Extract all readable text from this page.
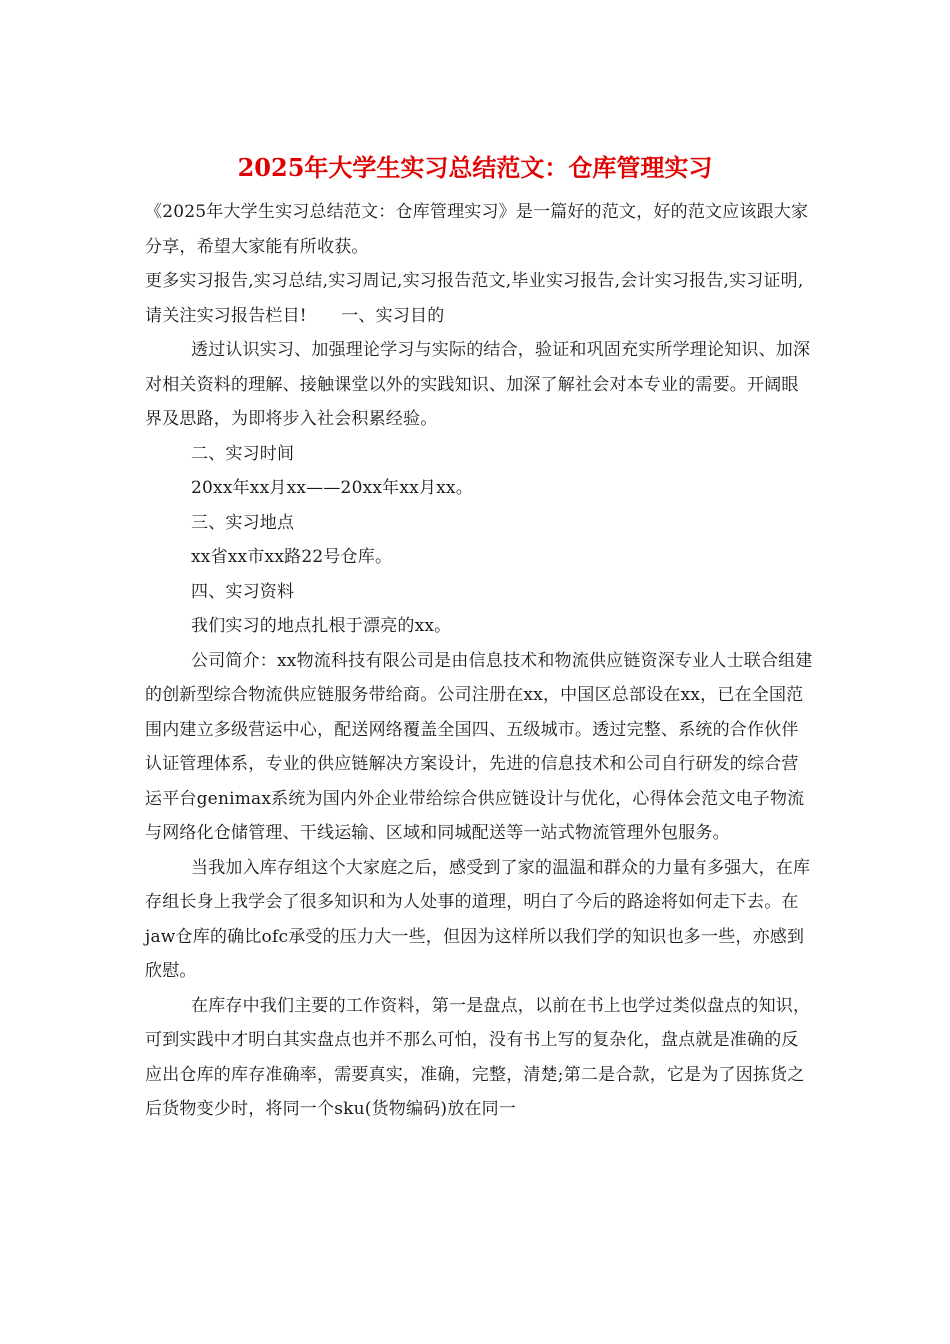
2025年大学生实习总结范文：仓库管理实习

《2025年大学生实习总结范文：仓库管理实习》是一篇好的范文，好的范文应该跟大家分享，希望大家能有所收获。

更多实习报告,实习总结,实习周记,实习报告范文,毕业实习报告,会计实习报告,实习证明,请关注实习报告栏目!　　一、实习目的

透过认识实习、加强理论学习与实际的结合，验证和巩固充实所学理论知识、加深对相关资料的理解、接触课堂以外的实践知识、加深了解社会对本专业的需要。开阔眼界及思路，为即将步入社会积累经验。

二、实习时间

20xx年xx月xx——20xx年xx月xx。

三、实习地点

xx省xx市xx路22号仓库。

四、实习资料

我们实习的地点扎根于漂亮的xx。

公司简介：xx物流科技有限公司是由信息技术和物流供应链资深专业人士联合组建的创新型综合物流供应链服务带给商。公司注册在xx，中国区总部设在xx，已在全国范围内建立多级营运中心，配送网络覆盖全国四、五级城市。透过完整、系统的合作伙伴认证管理体系，专业的供应链解决方案设计，先进的信息技术和公司自行研发的综合营运平台genimax系统为国内外企业带给综合供应链设计与优化，心得体会范文电子物流与网络化仓储管理、干线运输、区域和同城配送等一站式物流管理外包服务。

当我加入库存组这个大家庭之后，感受到了家的温温和群众的力量有多强大，在库存组长身上我学会了很多知识和为人处事的道理，明白了今后的路途将如何走下去。在jaw仓库的确比ofc承受的压力大一些，但因为这样所以我们学的知识也多一些，亦感到欣慰。

在库存中我们主要的工作资料，第一是盘点，以前在书上也学过类似盘点的知识，可到实践中才明白其实盘点也并不那么可怕，没有书上写的复杂化，盘点就是准确的反应出仓库的库存准确率，需要真实，准确，完整，清楚;第二是合款，它是为了因拣货之后货物变少时，将同一个sku(货物编码)放在同一
